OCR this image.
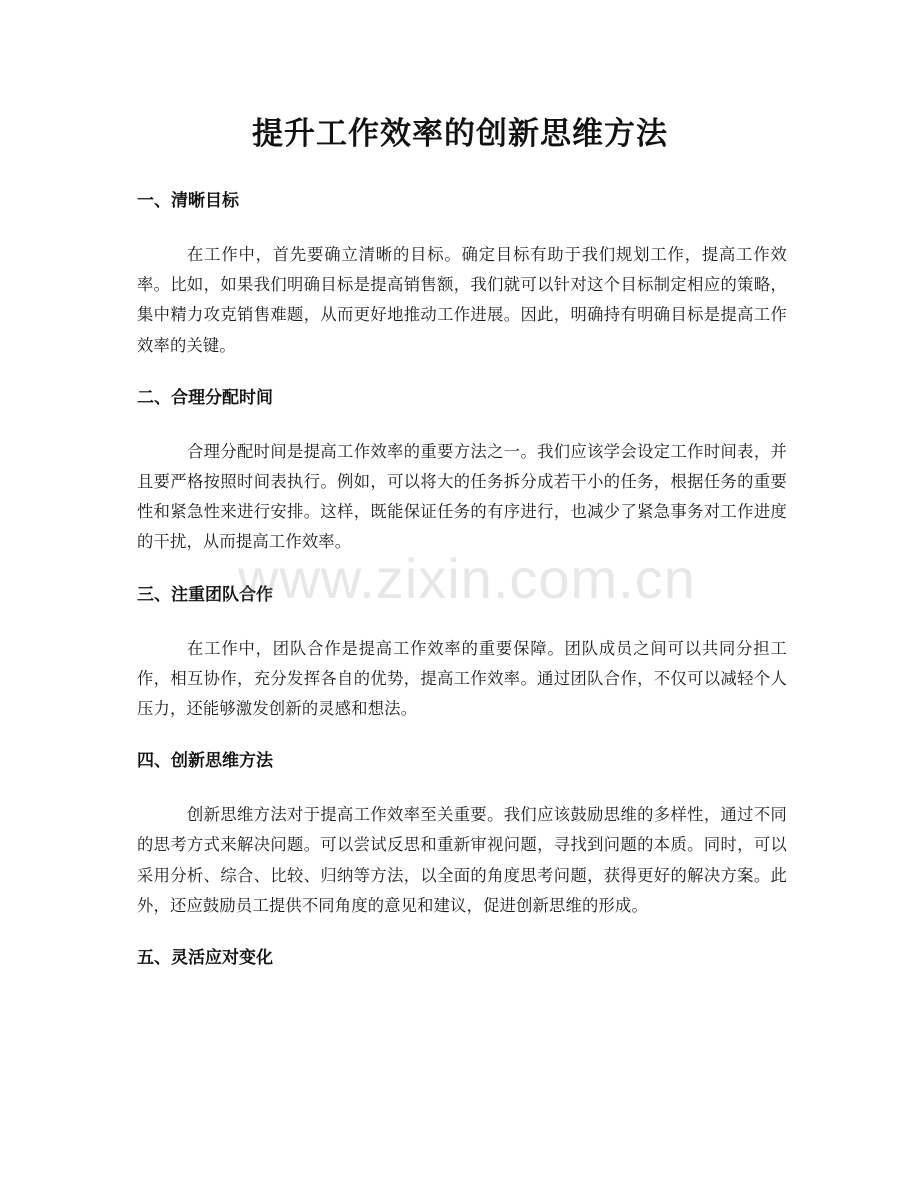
提升工作效率的创新思维方法
一、清晰目标

在工作中，首先要确立清晰的目标。确定目标有助于我们规划工作，提高工作效率。比如，如果我们明确目标是提高销售额，我们就可以针对这个目标制定相应的策略，集中精力攻克销售难题，从而更好地推动工作进展。因此，明确持有明确目标是提高工作效率的关键。

二、合理分配时间

合理分配时间是提高工作效率的重要方法之一。我们应该学会设定工作时间表，并且要严格按照时间表执行。例如，可以将大的任务拆分成若干小的任务，根据任务的重要性和紧急性来进行安排。这样，既能保证任务的有序进行，也减少了紧急事务对工作进度的干扰，从而提高工作效率。

三、注重团队合作

在工作中，团队合作是提高工作效率的重要保障。团队成员之间可以共同分担工作，相互协作，充分发挥各自的优势，提高工作效率。通过团队合作，不仅可以减轻个人压力，还能够激发创新的灵感和想法。

四、创新思维方法

创新思维方法对于提高工作效率至关重要。我们应该鼓励思维的多样性，通过不同的思考方式来解决问题。可以尝试反思和重新审视问题，寻找到问题的本质。同时，可以采用分析、综合、比较、归纳等方法，以全面的角度思考问题，获得更好的解决方案。此外，还应鼓励员工提供不同角度的意见和建议，促进创新思维的形成。

五、灵活应对变化
www.zixin.com.cn
